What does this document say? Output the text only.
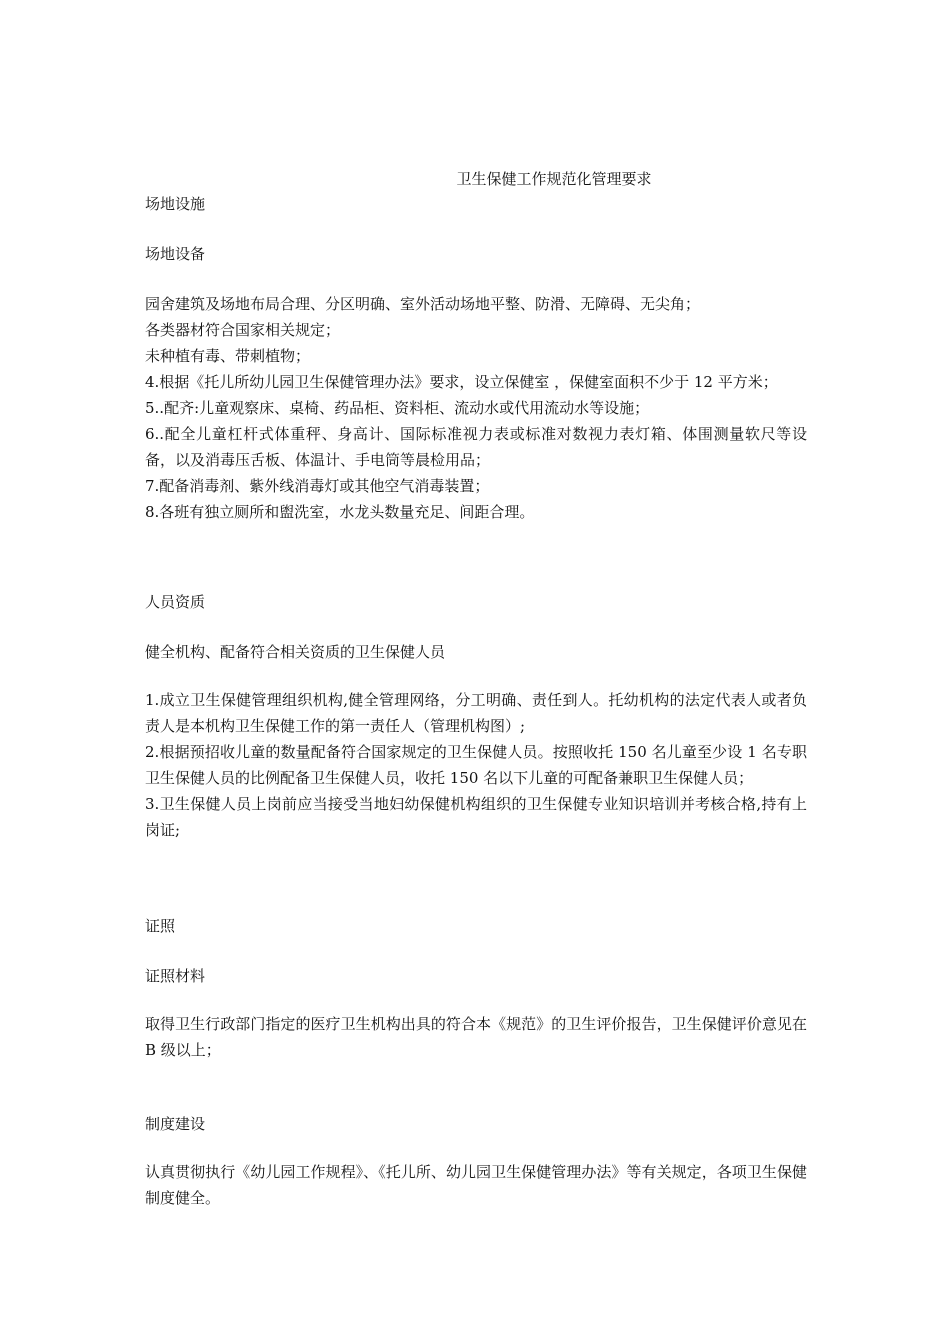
卫生保健工作规范化管理要求

场地设施

场地设备

园舍建筑及场地布局合理、分区明确、室外活动场地平整、防滑、无障碍、无尖角；
各类器材符合国家相关规定；
未种植有毒、带刺植物；
4.根据《托儿所幼儿园卫生保健管理办法》要求，设立保健室 ，保健室面积不少于 12 平方米；
5..配齐:儿童观察床、桌椅、药品柜、资料柜、流动水或代用流动水等设施；
6..配全儿童杠杆式体重秤、身高计、国际标准视力表或标准对数视力表灯箱、体围测量软尺等设备，以及消毒压舌板、体温计、手电筒等晨检用品；
7.配备消毒剂、紫外线消毒灯或其他空气消毒装置；
8.各班有独立厕所和盥洗室，水龙头数量充足、间距合理。

人员资质

健全机构、配备符合相关资质的卫生保健人员

1.成立卫生保健管理组织机构,健全管理网络，分工明确、责任到人。托幼机构的法定代表人或者负责人是本机构卫生保健工作的第一责任人（管理机构图）;
2.根据预招收儿童的数量配备符合国家规定的卫生保健人员。按照收托 150 名儿童至少设 1 名专职卫生保健人员的比例配备卫生保健人员，收托 150 名以下儿童的可配备兼职卫生保健人员；
3.卫生保健人员上岗前应当接受当地妇幼保健机构组织的卫生保健专业知识培训并考核合格,持有上岗证;

证照

证照材料

取得卫生行政部门指定的医疗卫生机构出具的符合本《规范》的卫生评价报告，卫生保健评价意见在 B 级以上；

制度建设

认真贯彻执行《幼儿园工作规程》、《托儿所、幼儿园卫生保健管理办法》等有关规定，各项卫生保健制度健全。
